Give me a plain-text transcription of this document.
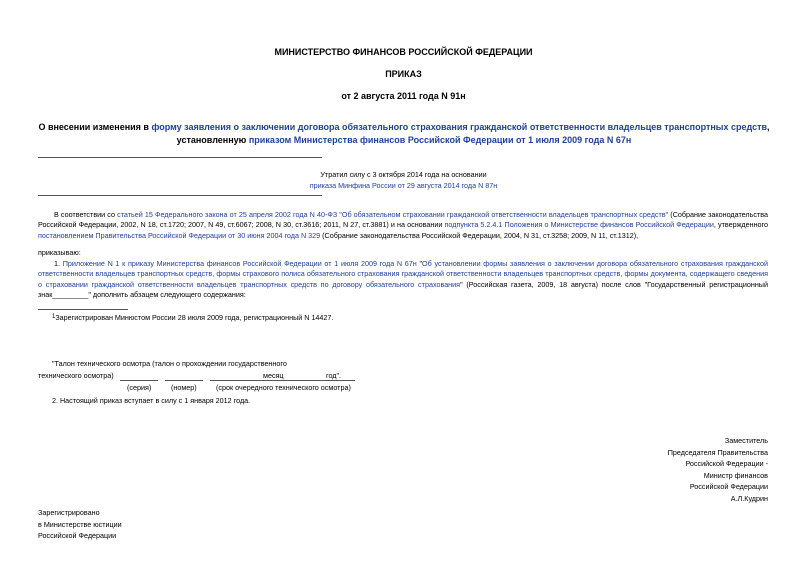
МИНИСТЕРСТВО ФИНАНСОВ РОССИЙСКОЙ ФЕДЕРАЦИИ
ПРИКАЗ
от 2 августа 2011 года N 91н
О внесении изменения в форму заявления о заключении договора обязательного страхования гражданской ответственности владельцев транспортных средств, установленную приказом Министерства финансов Российской Федерации от 1 июля 2009 года N 67н
Утратил силу с 3 октября 2014 года на основании
приказа Минфина России от 29 августа 2014 года N 87н
В соответствии со статьей 15 Федерального закона от 25 апреля 2002 года N 40-ФЗ "Об обязательном страховании гражданской ответственности владельцев транспортных средств" (Собрание законодательства Российской Федерации, 2002, N 18, ст.1720; 2007, N 49, ст.6067; 2008, N 30, ст.3616; 2011, N 27, ст.3881) и на основании подпункта 5.2.4.1 Положения о Министерстве финансов Российской Федерации, утвержденного постановлением Правительства Российской Федерации от 30 июня 2004 года N 329 (Собрание законодательства Российской Федерации, 2004, N 31, ст.3258; 2009, N 11, ст.1312),
приказываю:
1. Приложение N 1 к приказу Министерства финансов Российской Федерации от 1 июля 2009 года N 67н "Об установлении формы заявления о заключении договора обязательного страхования гражданской ответственности владельцев транспортных средств, формы страхового полиса обязательного страхования гражданской ответственности владельцев транспортных средств, формы документа, содержащего сведения о страховании гражданской ответственности владельцев транспортных средств по договору обязательного страхования" (Российская газета, 2009, 18 августа) после слов "Государственный регистрационный знак_________" дополнить абзацем следующего содержания:
$^1$Зарегистрирован Минюстом России 28 июля 2009 года, регистрационный N 14427.
"Талон технического осмотра (талон о прохождении государственного
технического осмотра)	месяц	год".
(серия)	(номер)	(срок очередного технического осмотра)
2. Настоящий приказ вступает в силу с 1 января 2012 года.
Заместитель
Председателя Правительства
Российской Федерации -
Министр финансов
Российской Федерации
А.Л.Кудрин
Зарегистрировано
в Министерстве юстиции
Российской Федерации
